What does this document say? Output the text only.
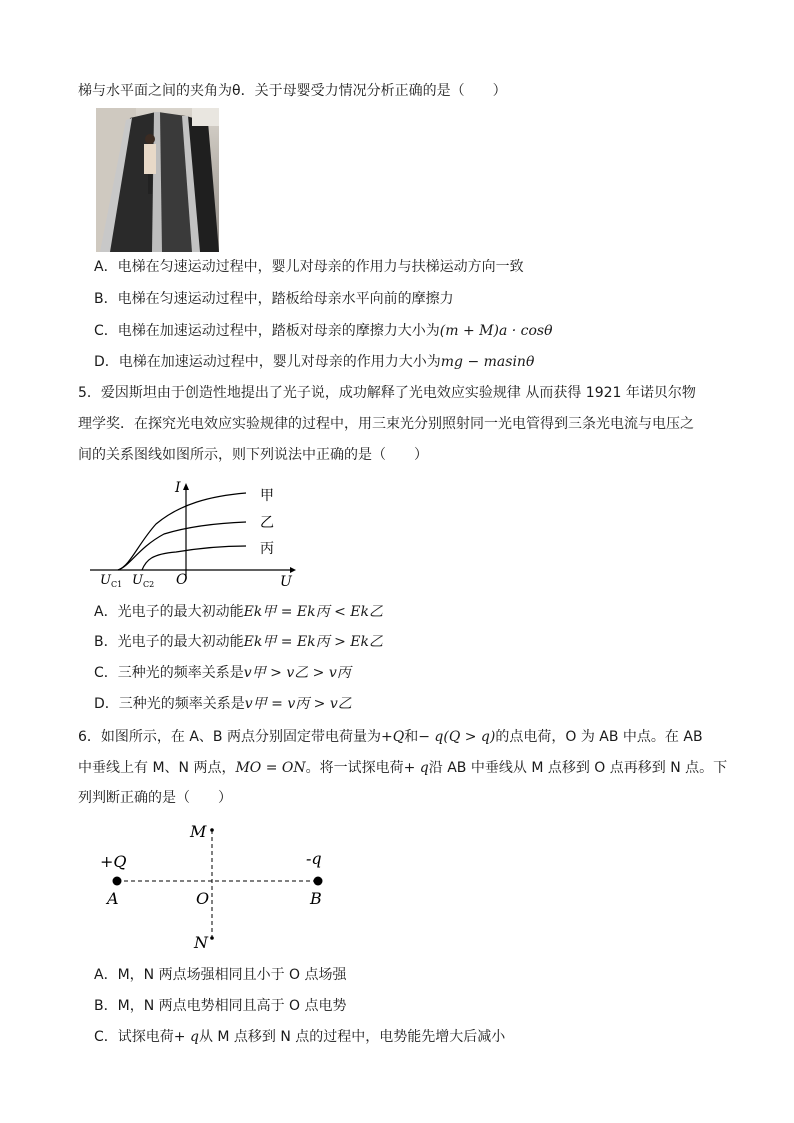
梯与水平面之间的夹角为θ．关于母婴受力情况分析正确的是（　　）
A．电梯在匀速运动过程中，婴儿对母亲的作用力与扶梯运动方向一致
B．电梯在匀速运动过程中，踏板给母亲水平向前的摩擦力
C．电梯在加速运动过程中，踏板对母亲的摩擦力大小为(m + M)a · cosθ
D．电梯在加速运动过程中，婴儿对母亲的作用力大小为mg − masinθ
5．爱因斯坦由于创造性地提出了光子说，成功解释了光电效应实验规律 从而获得 1921 年诺贝尔物
理学奖．在探究光电效应实验规律的过程中，用三束光分别照射同一光电管得到三条光电流与电压之
间的关系图线如图所示，则下列说法中正确的是（　　）
I
U
O
$U_{C1}$ $U_{C2}$
甲
乙
丙
A．光电子的最大初动能Ek甲 = Ek丙 < Ek乙
B．光电子的最大初动能Ek甲 = Ek丙 > Ek乙
C．三种光的频率关系是v甲 > v乙 > v丙
D．三种光的频率关系是v甲 = v丙 > v乙
6．如图所示，在 A、B 两点分别固定带电荷量为+Q和− q(Q > q)的点电荷，O 为 AB 中点。在 AB
中垂线上有 M、N 两点，MO = ON。将一试探电荷+ q沿 AB 中垂线从 M 点移到 O 点再移到 N 点。下
列判断正确的是（　　）
+Q	-q
A	B
O
M
N
A．M，N 两点场强相同且小于 O 点场强
B．M，N 两点电势相同且高于 O 点电势
C．试探电荷+ q从 M 点移到 N 点的过程中，电势能先增大后减小
